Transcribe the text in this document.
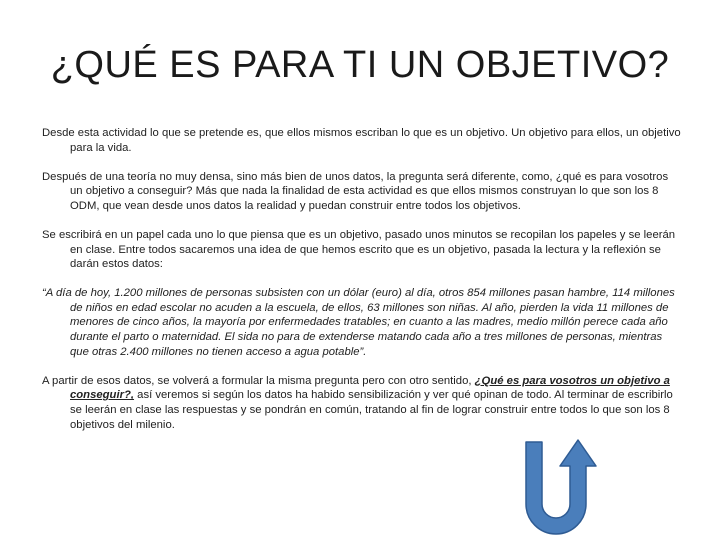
¿QUÉ ES PARA TI UN OBJETIVO?

Desde esta actividad lo que se pretende es, que ellos mismos escriban lo que es un objetivo. Un objetivo para ellos, un objetivo para la vida.

Después de una teoría no muy densa, sino más bien de unos datos, la pregunta será diferente, como, ¿qué es para vosotros un objetivo a conseguir? Más que nada la finalidad de esta actividad es que ellos mismos construyan lo que son los 8 ODM, que vean desde unos datos la realidad y puedan construir entre todos los objetivos.

Se escribirá en un papel cada uno lo que piensa que es un objetivo, pasado unos minutos se recopilan los papeles y se leerán en clase. Entre todos sacaremos una idea de que hemos escrito que es un objetivo, pasada la lectura y la reflexión se darán estos datos:

“A día de hoy, 1.200 millones de personas subsisten con un dólar (euro) al día, otros 854 millones pasan hambre, 114 millones de niños en edad escolar no acuden a la escuela, de ellos, 63 millones son niñas. Al año, pierden la vida 11 millones de menores de cinco años, la mayoría por enfermedades tratables; en cuanto a las madres, medio millón perece cada año durante el parto o maternidad. El sida no para de extenderse matando cada año a tres millones de personas, mientras que otras 2.400 millones no tienen acceso a agua potable”.

A partir de esos datos, se volverá a formular la misma pregunta pero con otro sentido, ¿Qué es para vosotros un objetivo a conseguir?, así veremos si según los datos ha habido sensibilización y ver qué opinan de todo. Al terminar de escribirlo se leerán en clase las respuestas y se pondrán en común, tratando al fin de lograr construir entre todos lo que son los 8 objetivos del milenio.
